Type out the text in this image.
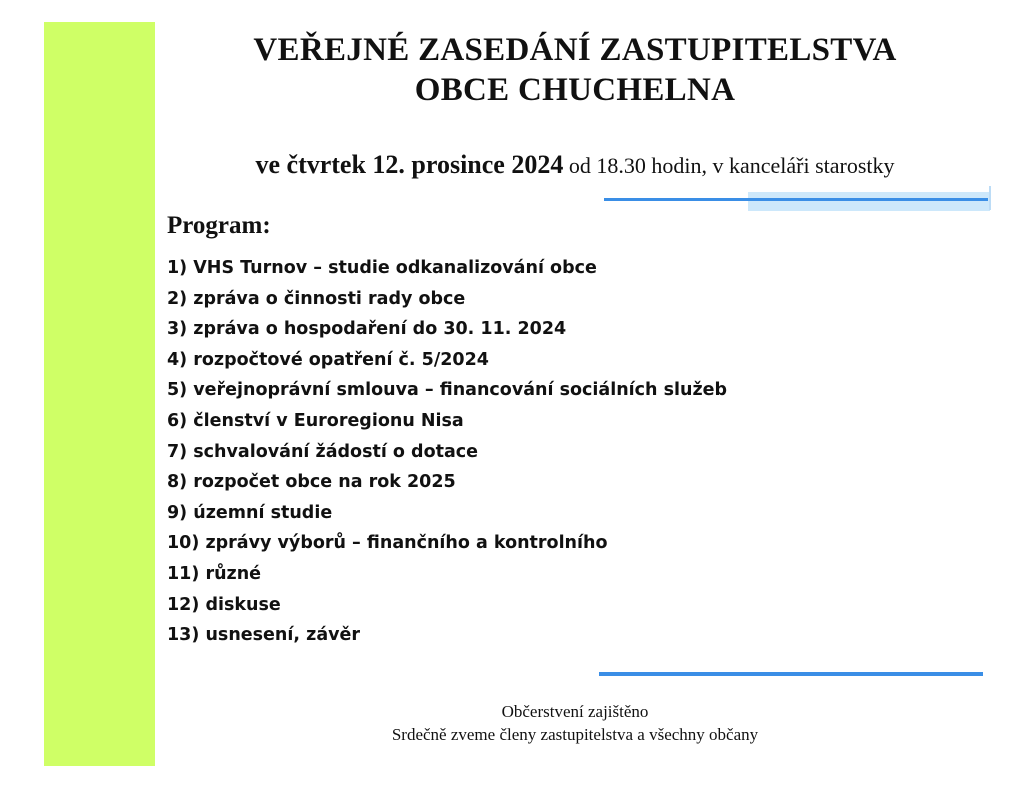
VEŘEJNÉ ZASEDÁNÍ ZASTUPITELSTVA
OBCE CHUCHELNA
ve čtvrtek 12. prosince 2024 od 18.30 hodin, v kanceláři starostky
Program:
1) VHS Turnov – studie odkanalizování obce
2) zpráva o činnosti rady obce
3) zpráva o hospodaření do 30. 11. 2024
4) rozpočtové opatření č. 5/2024
5) veřejnoprávní smlouva – financování sociálních služeb
6) členství v Euroregionu Nisa
7) schvalování žádostí o dotace
8) rozpočet obce na rok 2025
9) územní studie
10) zprávy výborů – finančního a kontrolního
11) různé
12) diskuse
13) usnesení, závěr
Občerstvení zajištěno
Srdečně zveme členy zastupitelstva a všechny občany
